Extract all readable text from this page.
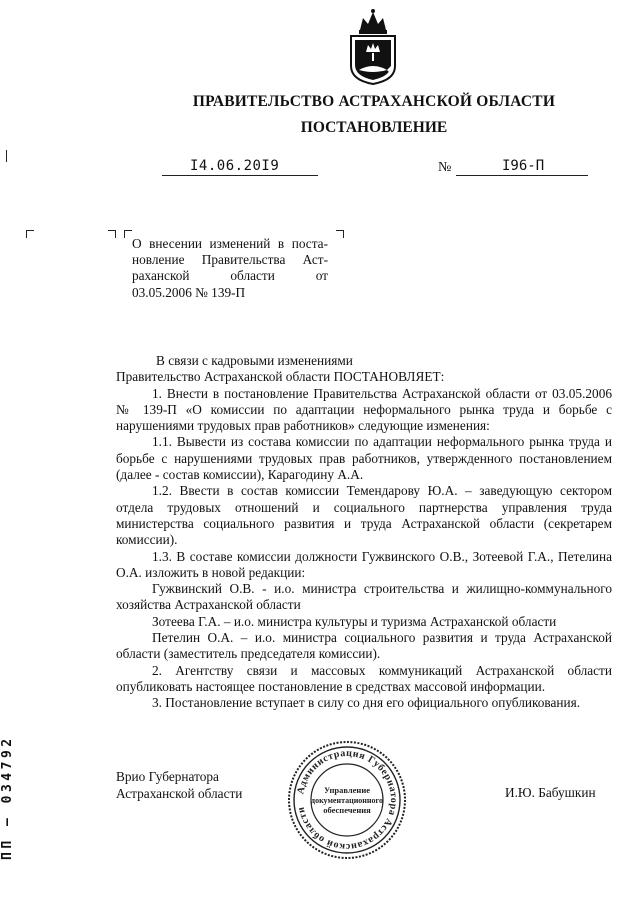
ПРАВИТЕЛЬСТВО АСТРАХАНСКОЙ ОБЛАСТИ
ПОСТАНОВЛЕНИЕ
I4.06.20I9	№	I96-П
О внесении изменений в поста-
новление Правительства Аст-
раханской области от
03.05.2006 № 139-П

В связи с кадровыми изменениями

Правительство Астраханской области ПОСТАНОВЛЯЕТ:

1. Внести в постановление Правительства Астраханской области от 03.05.2006 № 139-П «О комиссии по адаптации неформального рынка труда и борьбе с нарушениями трудовых прав работников» следующие изменения:

1.1. Вывести из состава комиссии по адаптации неформального рынка труда и борьбе с нарушениями трудовых прав работников, утвержденного постановлением (далее - состав комиссии), Карагодину А.А.

1.2. Ввести в состав комиссии Темендарову Ю.А. – заведующую сектором отдела трудовых отношений и социального партнерства управления труда министерства социального развития и труда Астраханской области (секретарем комиссии).

1.3. В составе комиссии должности Гужвинского О.В., Зотеевой Г.А., Петелина О.А. изложить в новой редакции:

Гужвинский О.В. - и.о. министра строительства и жилищно-коммунального хозяйства Астраханской области

Зотеева Г.А. – и.о. министра культуры и туризма Астраханской области

Петелин О.А. – и.о. министра социального развития и труда Астраханской области (заместитель председателя комиссии).

2. Агентству связи и массовых коммуникаций Астраханской области опубликовать настоящее постановление в средствах массовой информации.

3. Постановление вступает в силу со дня его официального опубликования.

Врио Губернатора
Астраханской области	И.Ю. Бабушкин
Администрация Губернатора Астраханской области
Управление
документационного
обеспечения
ПП – 034792
